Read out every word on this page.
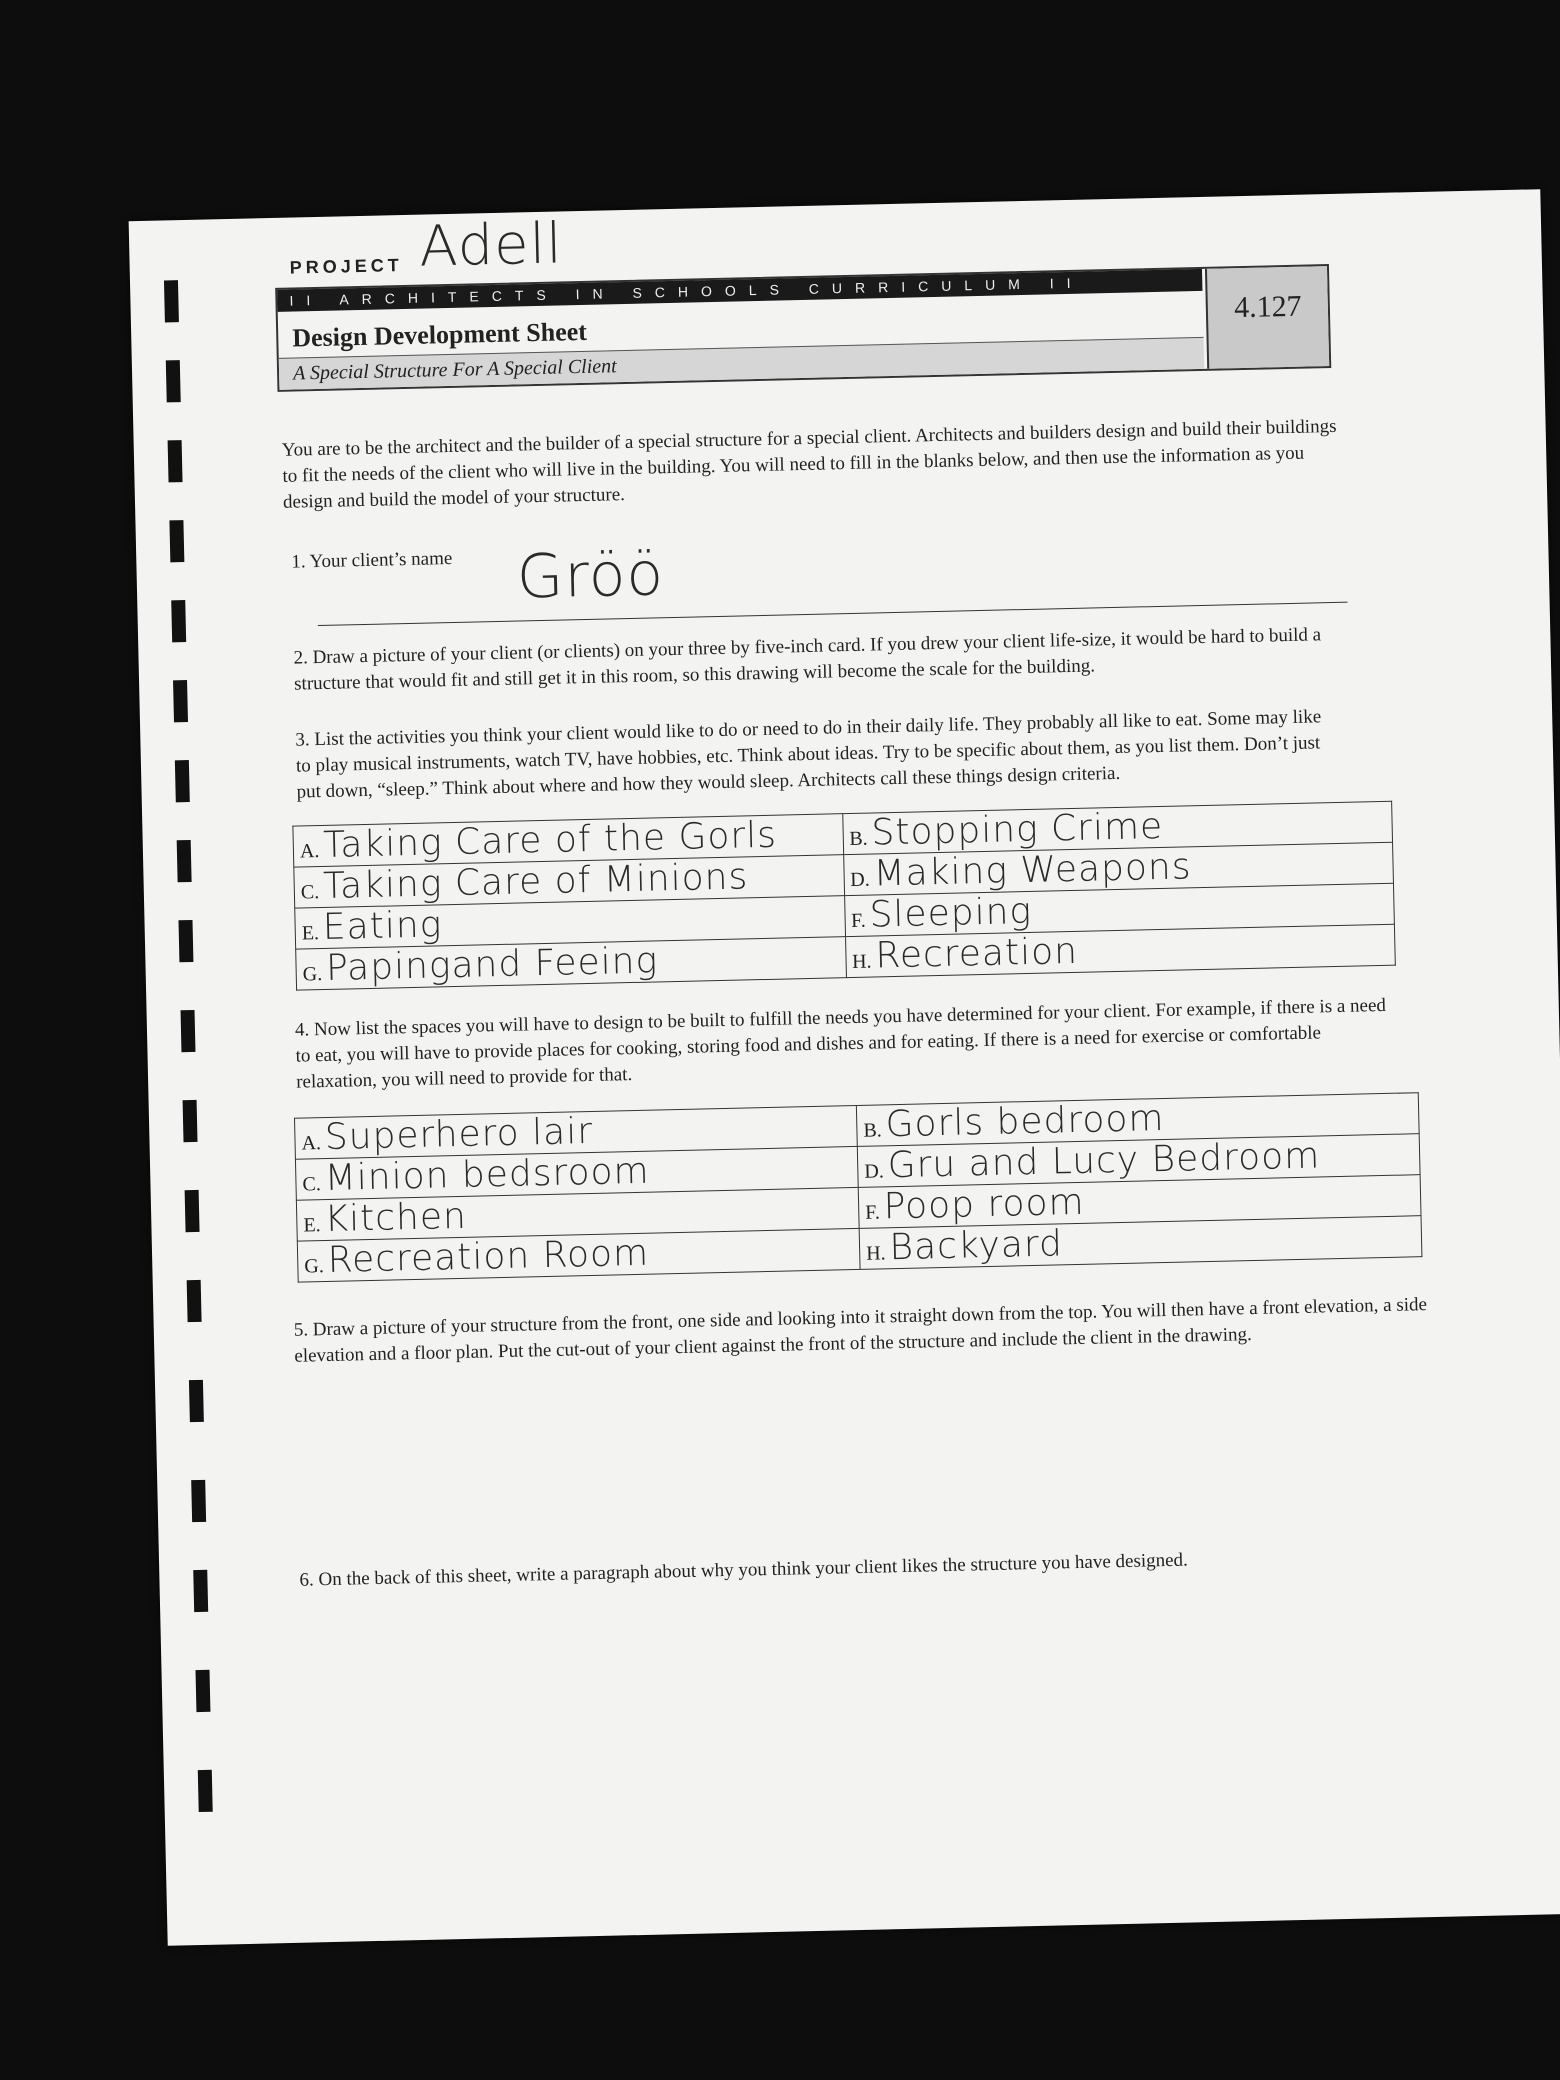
PROJECT Adell
II ARCHITECTS IN SCHOOLS CURRICULUM II
Design Development Sheet
A Special Structure For A Special Client
4.127
You are to be the architect and the builder of a special structure for a special client. Architects and builders design and build their buildings to fit the needs of the client who will live in the building. You will need to fill in the blanks below, and then use the information as you design and build the model of your structure.
1. Your client’s name Gröö
2. Draw a picture of your client (or clients) on your three by five-inch card. If you drew your client life-size, it would be hard to build a structure that would fit and still get it in this room, so this drawing will become the scale for the building.
3. List the activities you think your client would like to do or need to do in their daily life. They probably all like to eat. Some may like to play musical instruments, watch TV, have hobbies, etc. Think about ideas. Try to be specific about them, as you list them. Don’t just put down, “sleep.” Think about where and how they would sleep. Architects call these things design criteria.
A.Taking Care of the Gorls	B.Stopping Crime
C.Taking Care of Minions	D.Making Weapons
E.Eating	F.Sleeping
G.Papingand Feeing	H.Recreation
4. Now list the spaces you will have to design to be built to fulfill the needs you have determined for your client. For example, if there is a need to eat, you will have to provide places for cooking, storing food and dishes and for eating. If there is a need for exercise or comfortable relaxation, you will need to provide for that.
A.Superhero lair	B.Gorls bedroom
C.Minion bedsroom	D.Gru and Lucy Bedroom
E.Kitchen	F.Poop room
G.Recreation Room	H.Backyard
5. Draw a picture of your structure from the front, one side and looking into it straight down from the top. You will then have a front elevation, a side elevation and a floor plan. Put the cut-out of your client against the front of the structure and include the client in the drawing.
6. On the back of this sheet, write a paragraph about why you think your client likes the structure you have designed.
